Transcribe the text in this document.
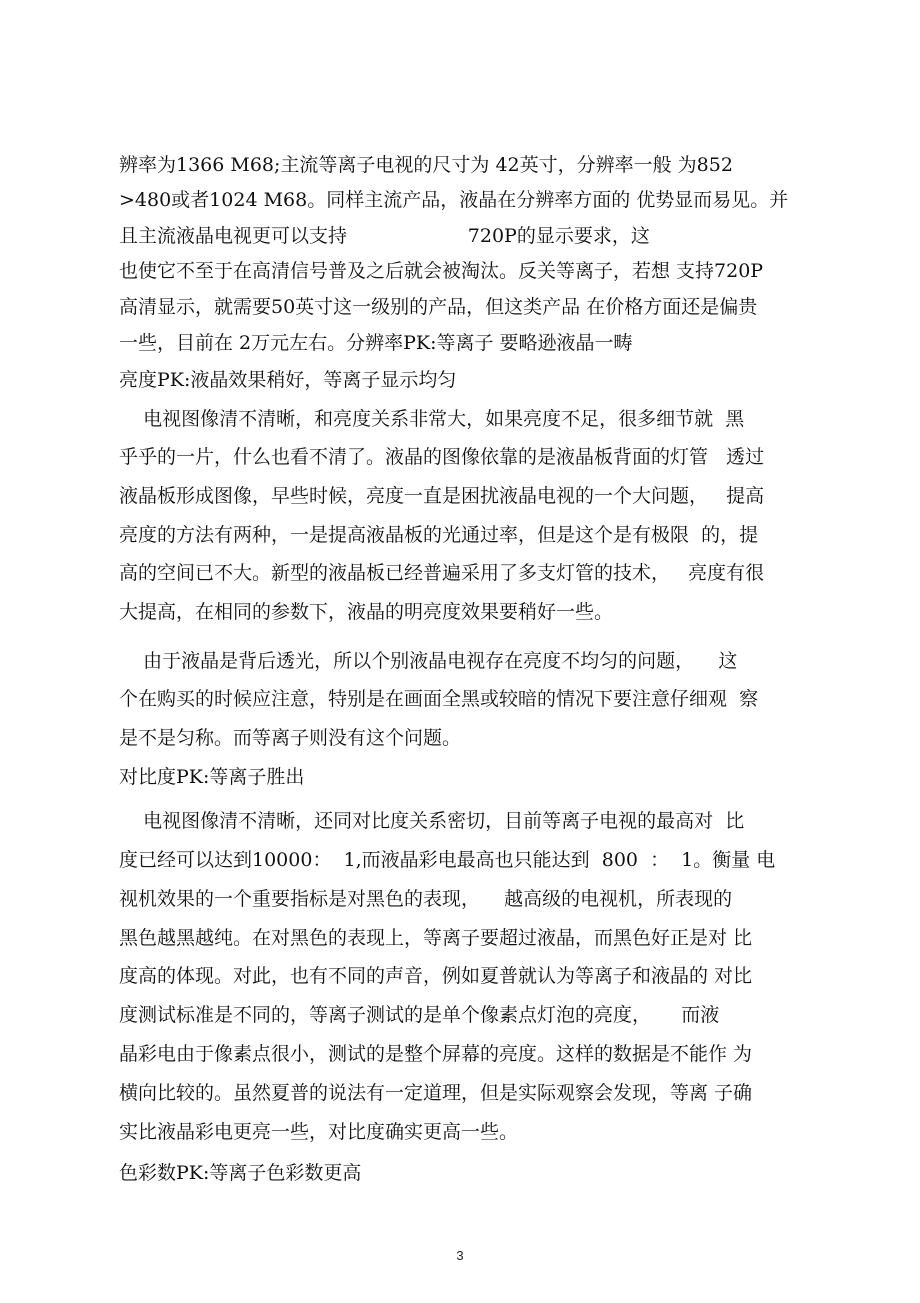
辨率为1366 M68;主流等离子电视的尺寸为 42英寸，分辨率一般 为852
>480或者1024 M68。同样主流产品，液晶在分辨率方面的 优势显而易见。并
且主流液晶电视更可以支持                    720P的显示要求，这
也使它不至于在高清信号普及之后就会被淘汰。反关等离子，若想 支持720P
高清显示，就需要50英寸这一级别的产品，但这类产品 在价格方面还是偏贵
一些，目前在 2万元左右。分辨率PK:等离子 要略逊液晶一畴
亮度PK:液晶效果稍好，等离子显示均匀
电视图像清不清晰，和亮度关系非常大，如果亮度不足，很多细节就  黑
乎乎的一片，什么也看不清了。液晶的图像依靠的是液晶板背面的灯管   透过
液晶板形成图像，早些时候，亮度一直是困扰液晶电视的一个大问题，   提高
亮度的方法有两种，一是提高液晶板的光通过率，但是这个是有极限  的，提
高的空间已不大。新型的液晶板已经普遍采用了多支灯管的技术，   亮度有很
大提高，在相同的参数下，液晶的明亮度效果要稍好一些。
由于液晶是背后透光，所以个别液晶电视存在亮度不均匀的问题，    这
个在购买的时候应注意，特别是在画面全黑或较暗的情况下要注意仔细观  察
是不是匀称。而等离子则没有这个问题。
对比度PK:等离子胜出
电视图像清不清晰，还同对比度关系密切，目前等离子电视的最高对  比
度已经可以达到10000：  1,而液晶彩电最高也只能达到  800  ：  1。衡量 电
视机效果的一个重要指标是对黑色的表现，    越高级的电视机，所表现的
黑色越黑越纯。在对黑色的表现上，等离子要超过液晶，而黑色好正是对 比
度高的体现。对此，也有不同的声音，例如夏普就认为等离子和液晶的 对比
度测试标准是不同的，等离子测试的是单个像素点灯泡的亮度，     而液
晶彩电由于像素点很小，测试的是整个屏幕的亮度。这样的数据是不能作 为
横向比较的。虽然夏普的说法有一定道理，但是实际观察会发现，等离 子确
实比液晶彩电更亮一些，对比度确实更高一些。
色彩数PK:等离子色彩数更高
3
